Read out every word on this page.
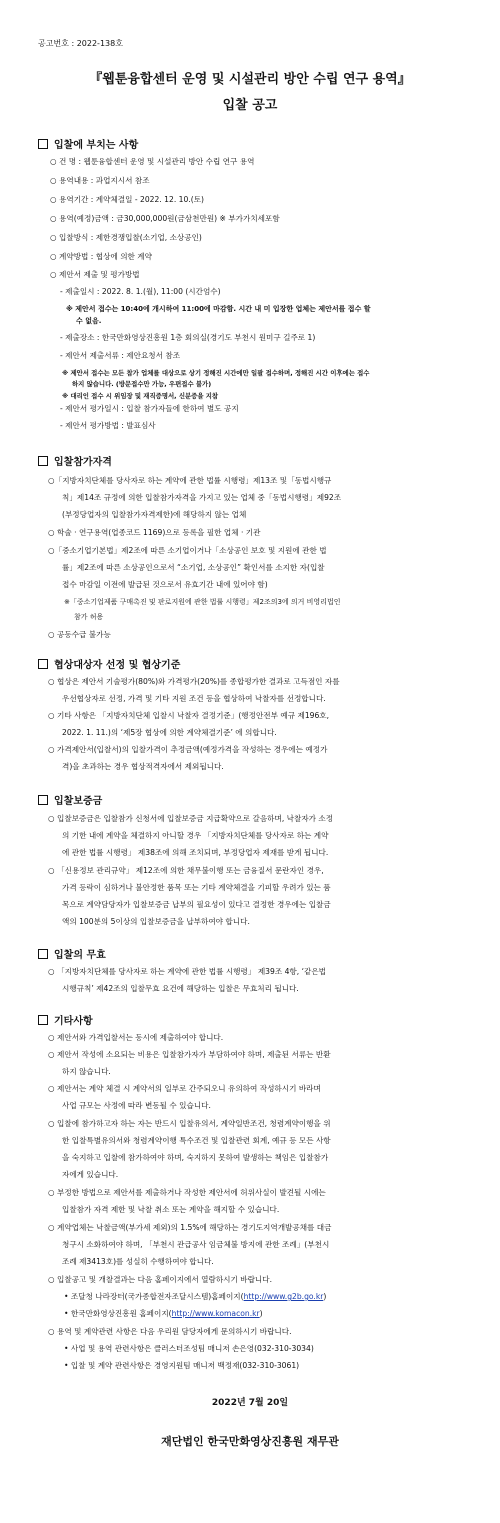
공고번호 : 2022-138호
『웹툰융합센터 운영 및 시설관리 방안 수립 연구 용역』
입찰 공고
입찰에 부치는 사항
○ 건 명 : 웹툰융합센터 운영 및 시설관리 방안 수립 연구 용역
○ 용역내용 : 과업지시서 참조
○ 용역기간 : 계약체결일 - 2022. 12. 10.(토)
○ 용역(예정)금액 : 금30,000,000원(금삼천만원) ※ 부가가치세포함
○ 입찰방식 : 제한경쟁입찰(소기업, 소상공인)
○ 계약방법 : 협상에 의한 계약
○ 제안서 제출 및 평가방법
- 제출일시 : 2022. 8. 1.(월), 11:00 (시간엄수)
※ 제안서 접수는 10:40에 개시하여 11:00에 마감함. 시간 내 미 입장한 업체는 제안서를 접수 할
수 없음.
- 제출장소 : 한국만화영상진흥원 1층 회의실(경기도 부천시 원미구 길주로 1)
- 제안서 제출서류 : 제안요청서 참조
※ 제안서 접수는 모든 참가 업체를 대상으로 상기 정해진 시간에만 일괄 접수하며, 정해진 시간 이후에는 접수
하지 않습니다. (방문접수만 가능, 우편접수 불가)
※ 대리인 접수 시 위임장 및 재직증명서, 신분증을 지참
- 제안서 평가일시 : 입찰 참가자들에 한하여 별도 공지
- 제안서 평가방법 : 발표심사
입찰참가자격
○「지방자치단체를 당사자로 하는 계약에 관한 법률 시행령」제13조 및「동법시행규
칙」제14조 규정에 의한 입찰참가자격을 가지고 있는 업체 중「동법시행령」제92조
(부정당업자의 입찰참가자격제한)에 해당하지 않는 업체
○ 학술 · 연구용역(업종코드 1169)으로 등록을 필한 업체 · 기관
○「중소기업기본법」제2조에 따른 소기업이거나「소상공인 보호 및 지원에 관한 법
률」제2조에 따른 소상공인으로서 “소기업, 소상공인” 확인서를 소지한 자(입찰
접수 마감일 이전에 발급된 것으로서 유효기간 내에 있어야 함)
※「중소기업제품 구매촉진 및 판로지원에 관한 법률 시행령」제2조의3에 의거 비영리법인
참가 허용
○ 공동수급 불가능
협상대상자 선정 및 협상기준
○ 협상은 제안서 기술평가(80%)와 가격평가(20%)를 종합평가한 결과로 고득점인 자를
우선협상자로 선정, 가격 및 기타 지원 조건 등을 협상하여 낙찰자를 선정합니다.
○ 기타 사항은 「지방자치단체 입찰시 낙찰자 결정기준」(행정안전부 예규 제196호,
2022. 1. 11.)의 ‘제5장 협상에 의한 계약체결기준’ 에 의합니다.
○ 가격제안서(입찰서)의 입찰가격이 추정금액(예정가격을 작성하는 경우에는 예정가
격)을 초과하는 경우 협상적격자에서 제외됩니다.
입찰보증금
○ 입찰보증금은 입찰참가 신청서에 입찰보증금 지급확약으로 갈음하며, 낙찰자가 소정
의 기한 내에 계약을 체결하지 아니할 경우 「지방자치단체를 당사자로 하는 계약
에 관한 법률 시행령」 제38조에 의해 조치되며, 부정당업자 제재를 받게 됩니다.
○ 「신용정보 관리규약」 제12조에 의한 채무불이행 또는 금융질서 문란자인 경우,
가격 등락이 심하거나 불안정한 품목 또는 기타 계약체결을 기피할 우려가 있는 품
목으로 계약담당자가 입찰보증금 납부의 필요성이 있다고 결정한 경우에는 입찰금
액의 100분의 5이상의 입찰보증금을 납부하여야 합니다.
입찰의 무효
○ 「지방자치단체를 당사자로 하는 계약에 관한 법률 시행령」 제39조 4항, ‘같은법
시행규칙’ 제42조의 입찰무효 요건에 해당하는 입찰은 무효처리 됩니다.
기타사항
○ 제안서와 가격입찰서는 동시에 제출하여야 합니다.
○ 제안서 작성에 소요되는 비용은 입찰참가자가 부담하여야 하며, 제출된 서류는 반환
하지 않습니다.
○ 제안서는 계약 체결 시 계약서의 일부로 간주되오니 유의하여 작성하시기 바라며
사업 규모는 사정에 따라 변동될 수 있습니다.
○ 입찰에 참가하고자 하는 자는 반드시 입찰유의서, 계약일반조건, 청렴계약이행을 위
한 입찰특별유의서와 청렴계약이행 특수조건 및 입찰관련 회계, 예규 등 모든 사항
을 숙지하고 입찰에 참가하여야 하며, 숙지하지 못하여 발생하는 책임은 입찰참가
자에게 있습니다.
○ 부정한 방법으로 제안서를 제출하거나 작성한 제안서에 허위사실이 발견될 시에는
입찰참가 자격 제한 및 낙찰 취소 또는 계약을 해지할 수 있습니다.
○ 계약업체는 낙찰금액(부가세 제외)의 1.5%에 해당하는 경기도지역개발공채를 대금
청구시 소화하여야 하며, 「부천시 관급공사 임금체불 방지에 관한 조례」(부천시
조례 제3413호)를 성실히 수행하여야 합니다.
○ 입찰공고 및 개찰결과는 다음 홈페이지에서 열람하시기 바랍니다.
• 조달청 나라장터(국가종합전자조달시스템)홈페이지(http://www.g2b.go.kr)
• 한국만화영상진흥원 홈페이지(http://www.komacon.kr)
○ 용역 및 계약관련 사항은 다음 우리원 담당자에게 문의하시기 바랍니다.
• 사업 및 용역 관련사항은 클러스터조성팀 매니저 손은영(032-310-3034)
• 입찰 및 계약 관련사항은 경영지원팀 매니저 백정재(032-310-3061)
2022년 7월 20일
재단법인 한국만화영상진흥원 재무관
